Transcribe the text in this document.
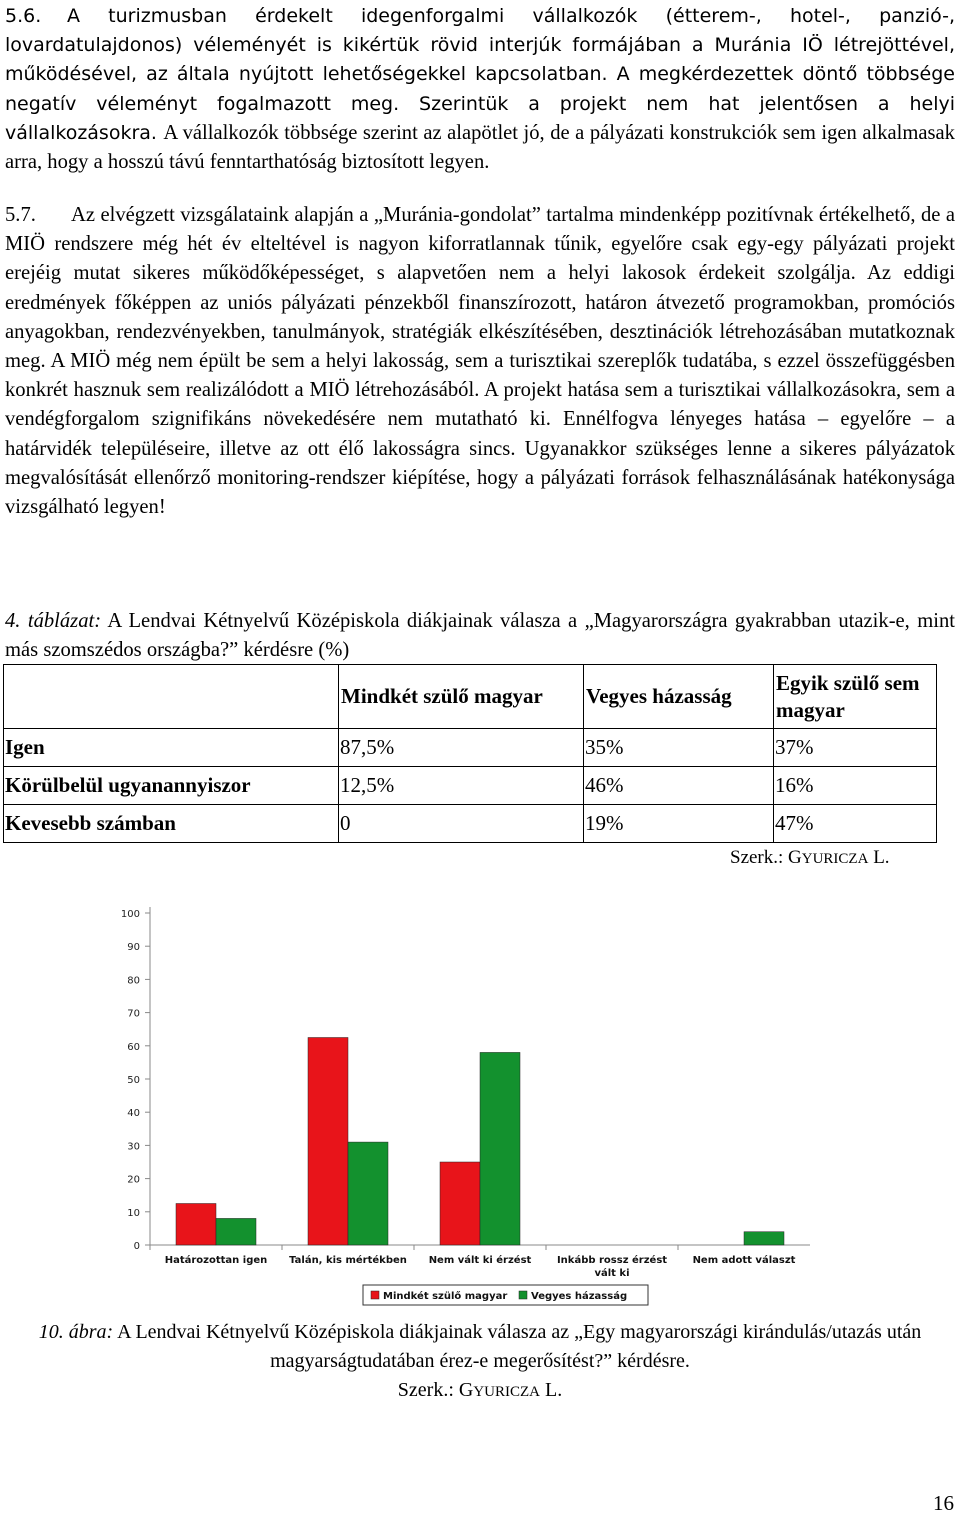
5.6. A turizmusban érdekelt idegenforgalmi vállalkozók (étterem-, hotel-, panzió-, lovardatulajdonos) véleményét is kikértük rövid interjúk formájában a Muránia IÖ létrejöttével, működésével, az általa nyújtott lehetőségekkel kapcsolatban. A megkérdezettek döntő többsége negatív véleményt fogalmazott meg. Szerintük a projekt nem hat jelentősen a helyi vállalkozásokra. A vállalkozók többsége szerint az alapötlet jó, de a pályázati konstrukciók sem igen alkalmasak arra, hogy a hosszú távú fenntarthatóság biztosított legyen.
5.7. Az elvégzett vizsgálataink alapján a „Muránia-gondolat” tartalma mindenképp pozitívnak értékelhető, de a MIÖ rendszere még hét év elteltével is nagyon kiforratlannak tűnik, egyelőre csak egy-egy pályázati projekt erejéig mutat sikeres működőképességet, s alapvetően nem a helyi lakosok érdekeit szolgálja. Az eddigi eredmények főképpen az uniós pályázati pénzekből finanszírozott, határon átvezető programokban, promóciós anyagokban, rendezvényekben, tanulmányok, stratégiák elkészítésében, desztinációk létrehozásában mutatkoznak meg. A MIÖ még nem épült be sem a helyi lakosság, sem a turisztikai szereplők tudatába, s ezzel összefüggésben konkrét hasznuk sem realizálódott a MIÖ létrehozásából. A projekt hatása sem a turisztikai vállalkozásokra, sem a vendégforgalom szignifikáns növekedésére nem mutatható ki. Ennélfogva lényeges hatása – egyelőre – a határvidék településeire, illetve az ott élő lakosságra sincs. Ugyanakkor szükséges lenne a sikeres pályázatok megvalósítását ellenőrző monitoring-rendszer kiépítése, hogy a pályázati források felhasználásának hatékonysága vizsgálható legyen!
4. táblázat: A Lendvai Kétnyelvű Középiskola diákjainak válasza a „Magyarországra gyakrabban utazik-e, mint más szomszédos országba?” kérdésre (%)
	Mindkét szülő magyar	Vegyes házasság	Egyik szülő sem magyar
Igen	87,5%	35%	37%
Körülbelül ugyanannyiszor	12,5%	46%	16%
Kevesebb számban	0	19%	47%
Szerk.: GYURICZA L.
0
10
20
30
40
50
60
70
80
90
100
Határozottan igen Talán, kis mértékben Nem vált ki érzést	Inkább rossz érzést vált ki
Nem adott választ
Mindkét szülő magyar Vegyes házasság
10. ábra: A Lendvai Kétnyelvű Középiskola diákjainak válasza az „Egy magyarországi kirándulás/utazás után magyarságtudatában érez-e megerősítést?” kérdésre.
Szerk.: GYURICZA L.
16
